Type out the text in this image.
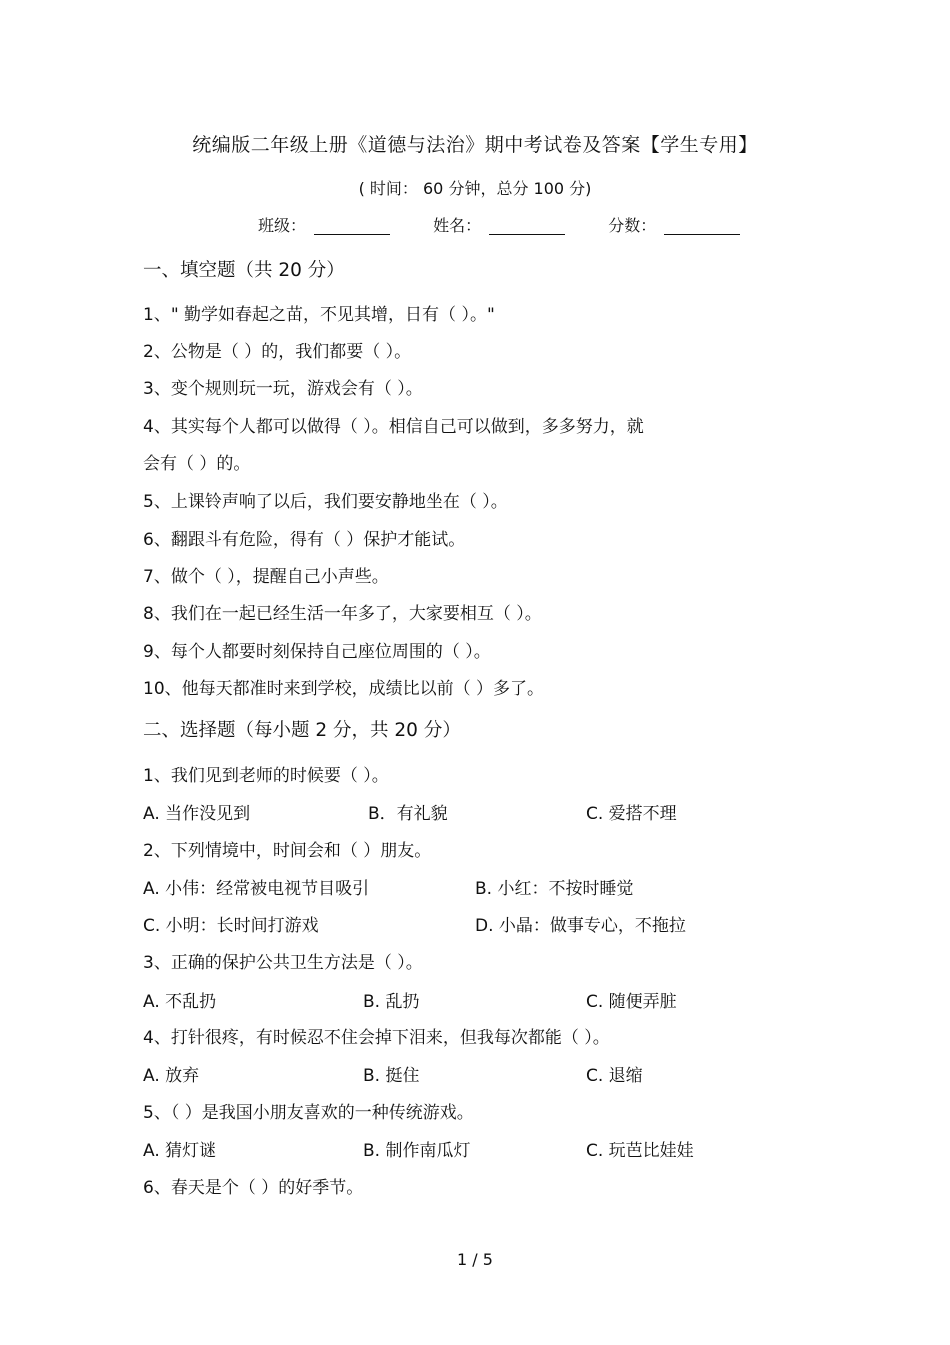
统编版二年级上册《道德与法治》期中考试卷及答案【学生专用】
( 时间： 60 分钟，总分 100 分)
班级：	姓名：	分数：
一、填空题（共 20 分）
1、" 勤学如春起之苗，不见其增，日有（ ）。"
2、公物是（ ）的，我们都要（ ）。
3、变个规则玩一玩，游戏会有（ ）。
4、其实每个人都可以做得（ ）。相信自己可以做到，多多努力，就
会有（ ）的。
5、上课铃声响了以后，我们要安静地坐在（ ）。
6、翻跟斗有危险，得有（ ）保护才能试。
7、做个（ ），提醒自己小声些。
8、我们在一起已经生活一年多了，大家要相互（ ）。
9、每个人都要时刻保持自己座位周围的（ ）。
10、他每天都准时来到学校，成绩比以前（ ）多了。
二、选择题（每小题 2 分，共 20 分）
1、我们见到老师的时候要（ ）。
A. 当作没见到	B．有礼貌	C. 爱搭不理
2、下列情境中，时间会和（ ）朋友。
A. 小伟：经常被电视节目吸引	B. 小红：不按时睡觉
C. 小明：长时间打游戏	D. 小晶：做事专心，不拖拉
3、正确的保护公共卫生方法是（ ）。
A. 不乱扔	B. 乱扔	C. 随便弄脏
4、打针很疼，有时候忍不住会掉下泪来，但我每次都能（ ）。
A. 放弃	B. 挺住	C. 退缩
5、（ ）是我国小朋友喜欢的一种传统游戏。
A. 猜灯谜	B. 制作南瓜灯	C. 玩芭比娃娃
6、春天是个（ ）的好季节。
1 / 5
